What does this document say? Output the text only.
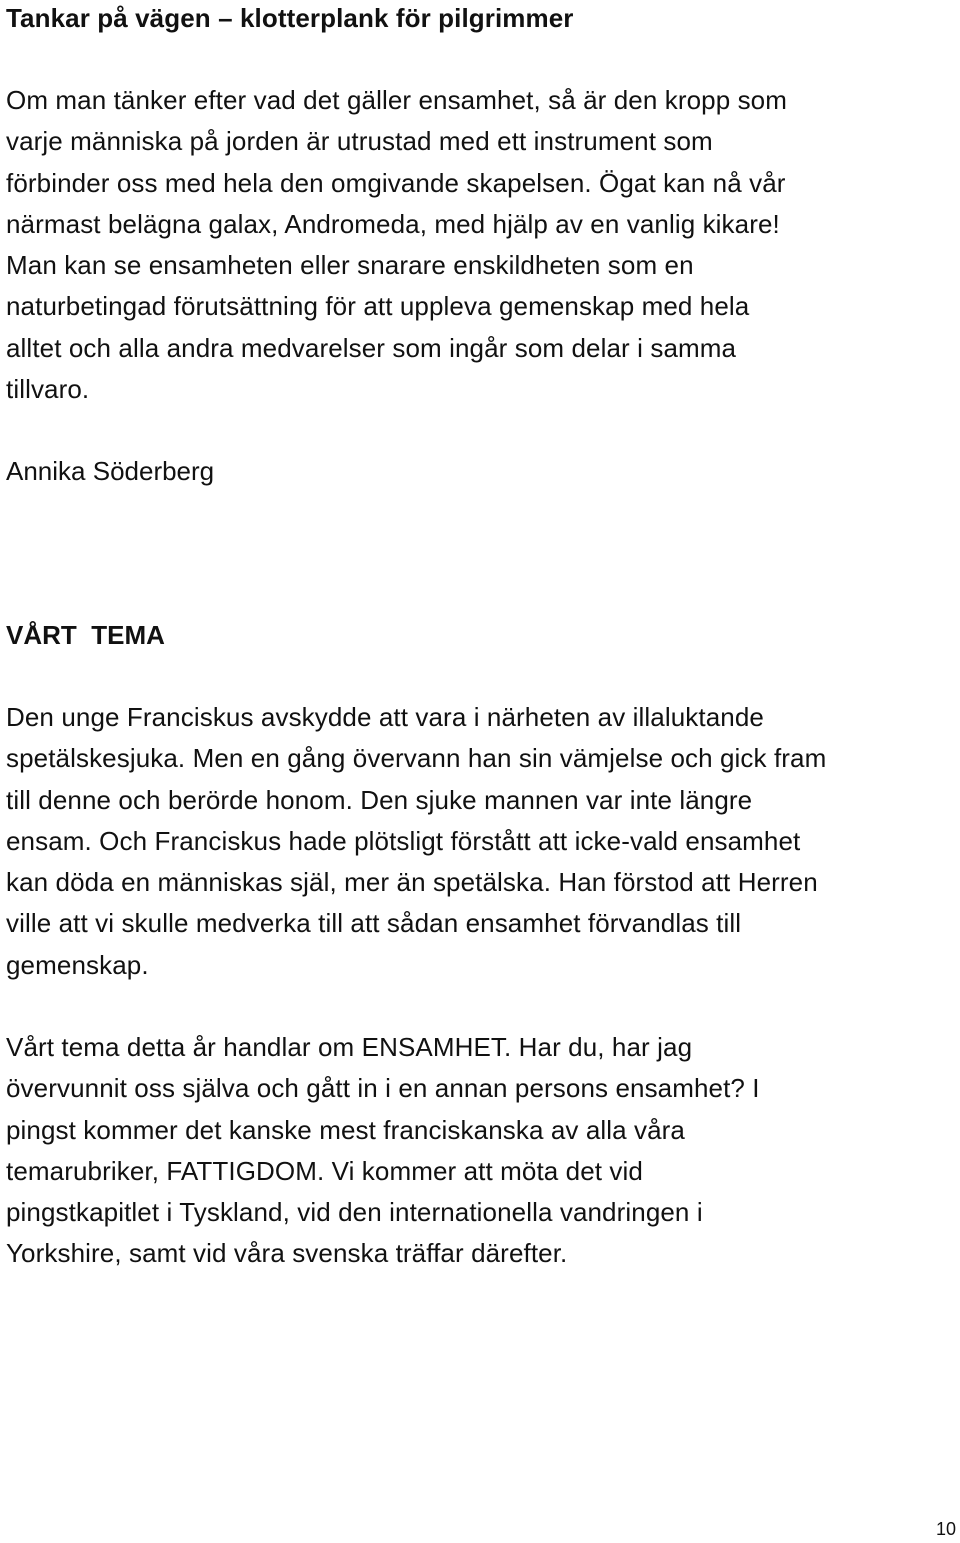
Tankar på vägen – klotterplank för pilgrimmer
Om man tänker efter vad det gäller ensamhet, så är den kropp som
varje människa på jorden är utrustad med ett instrument som
förbinder oss med hela den omgivande skapelsen. Ögat kan nå vår
närmast belägna galax, Andromeda, med hjälp av en vanlig kikare!
Man kan se ensamheten eller snarare enskildheten som en
naturbetingad förutsättning för att uppleva gemenskap med hela
alltet och alla andra medvarelser som ingår som delar i samma
tillvaro.
Annika Söderberg
VÅRT  TEMA
Den unge Franciskus avskydde att vara i närheten av illaluktande
spetälskesjuka. Men en gång övervann han sin vämjelse och gick fram
till denne och berörde honom. Den sjuke mannen var inte längre
ensam. Och Franciskus hade plötsligt förstått att icke-vald ensamhet
kan döda en människas själ, mer än spetälska. Han förstod att Herren
ville att vi skulle medverka till att sådan ensamhet förvandlas till
gemenskap.
Vårt tema detta år handlar om ENSAMHET. Har du, har jag
övervunnit oss själva och gått in i en annan persons ensamhet? I
pingst kommer det kanske mest franciskanska av alla våra
temarubriker, FATTIGDOM. Vi kommer att möta det vid
pingstkapitlet i Tyskland, vid den internationella vandringen i
Yorkshire, samt vid våra svenska träffar därefter.
10
